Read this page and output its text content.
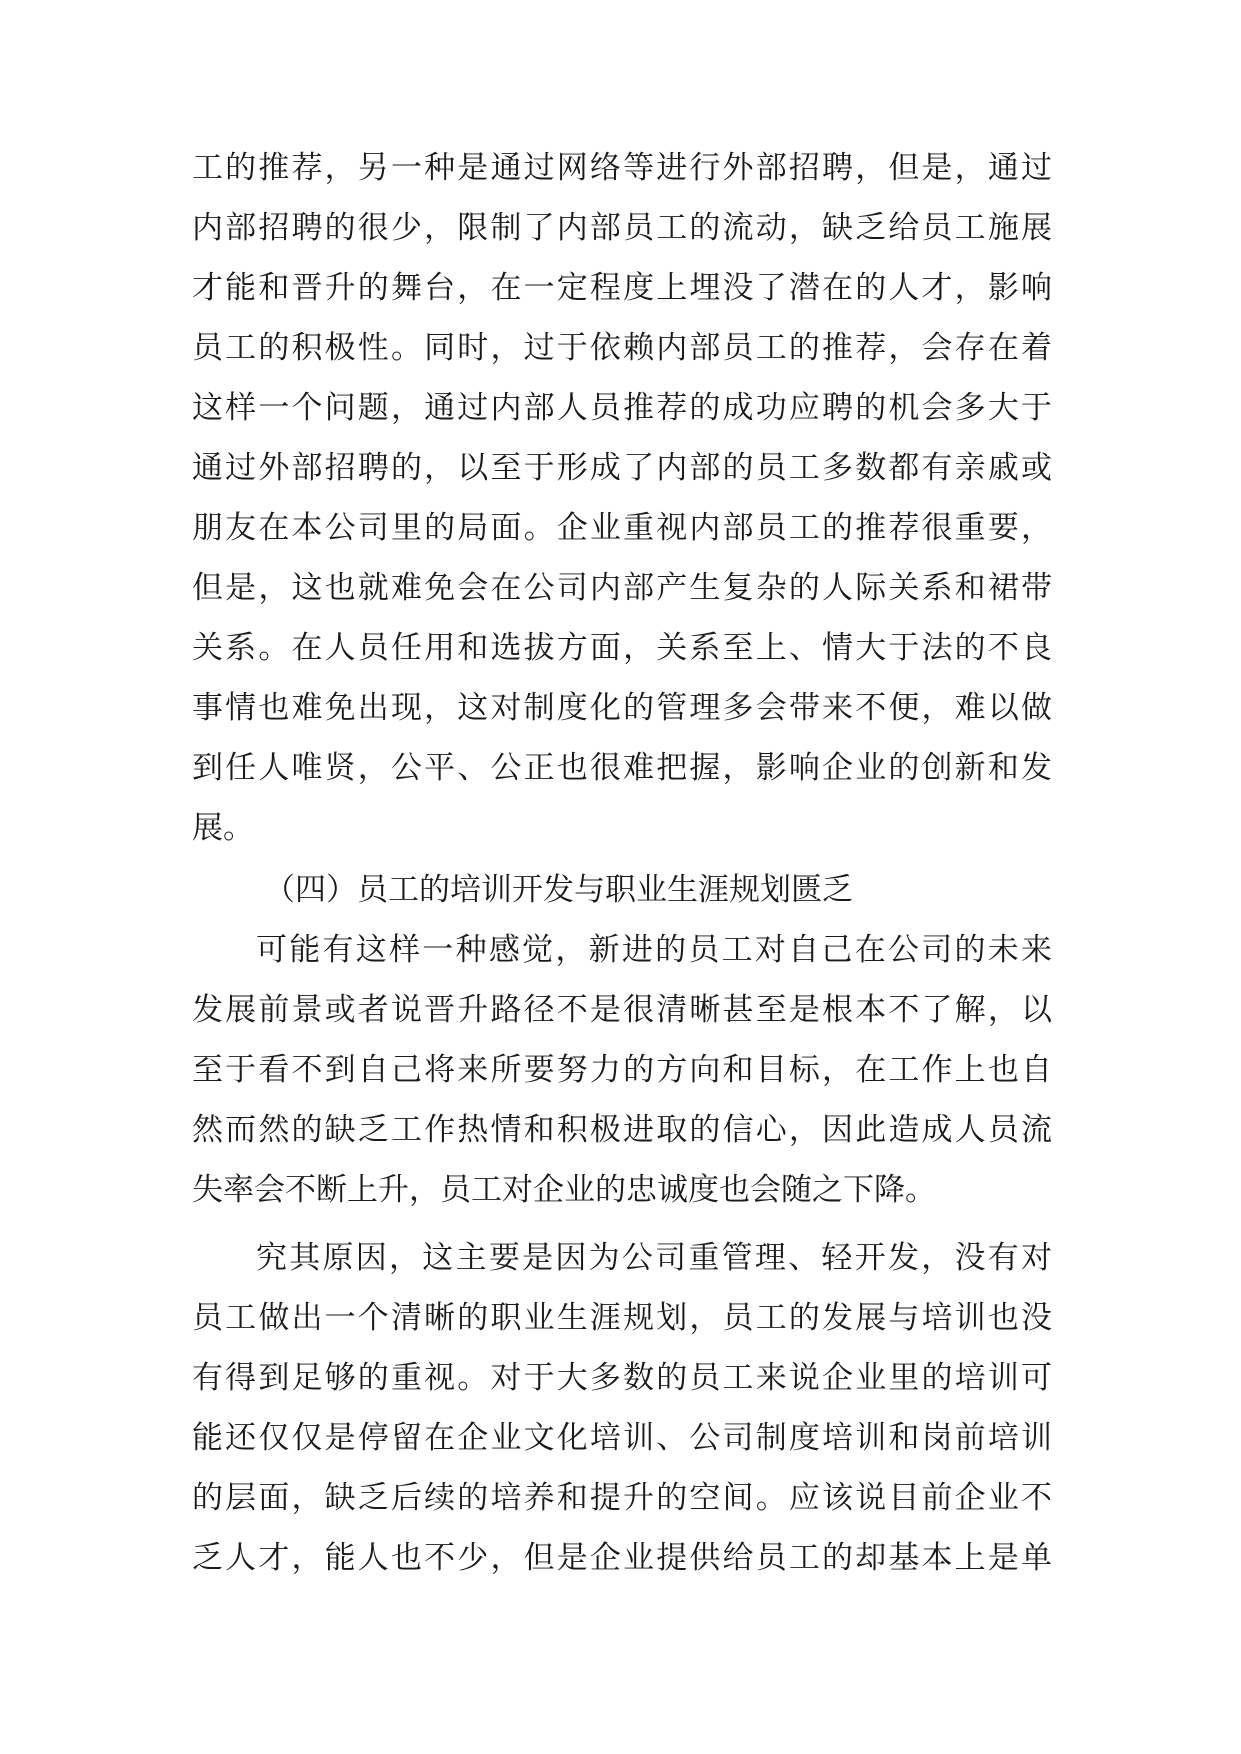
工的推荐，另一种是通过网络等进行外部招聘，但是，通过
内部招聘的很少，限制了内部员工的流动，缺乏给员工施展
才能和晋升的舞台，在一定程度上埋没了潜在的人才，影响
员工的积极性。同时，过于依赖内部员工的推荐，会存在着
这样一个问题，通过内部人员推荐的成功应聘的机会多大于
通过外部招聘的，以至于形成了内部的员工多数都有亲戚或
朋友在本公司里的局面。企业重视内部员工的推荐很重要，
但是，这也就难免会在公司内部产生复杂的人际关系和裙带
关系。在人员任用和选拔方面，关系至上、情大于法的不良
事情也难免出现，这对制度化的管理多会带来不便，难以做
到任人唯贤，公平、公正也很难把握，影响企业的创新和发
展。
（四）员工的培训开发与职业生涯规划匮乏
可能有这样一种感觉，新进的员工对自己在公司的未来
发展前景或者说晋升路径不是很清晰甚至是根本不了解，以
至于看不到自己将来所要努力的方向和目标，在工作上也自
然而然的缺乏工作热情和积极进取的信心，因此造成人员流
失率会不断上升，员工对企业的忠诚度也会随之下降。
究其原因，这主要是因为公司重管理、轻开发，没有对
员工做出一个清晰的职业生涯规划，员工的发展与培训也没
有得到足够的重视。对于大多数的员工来说企业里的培训可
能还仅仅是停留在企业文化培训、公司制度培训和岗前培训
的层面，缺乏后续的培养和提升的空间。应该说目前企业不
乏人才，能人也不少，但是企业提供给员工的却基本上是单
